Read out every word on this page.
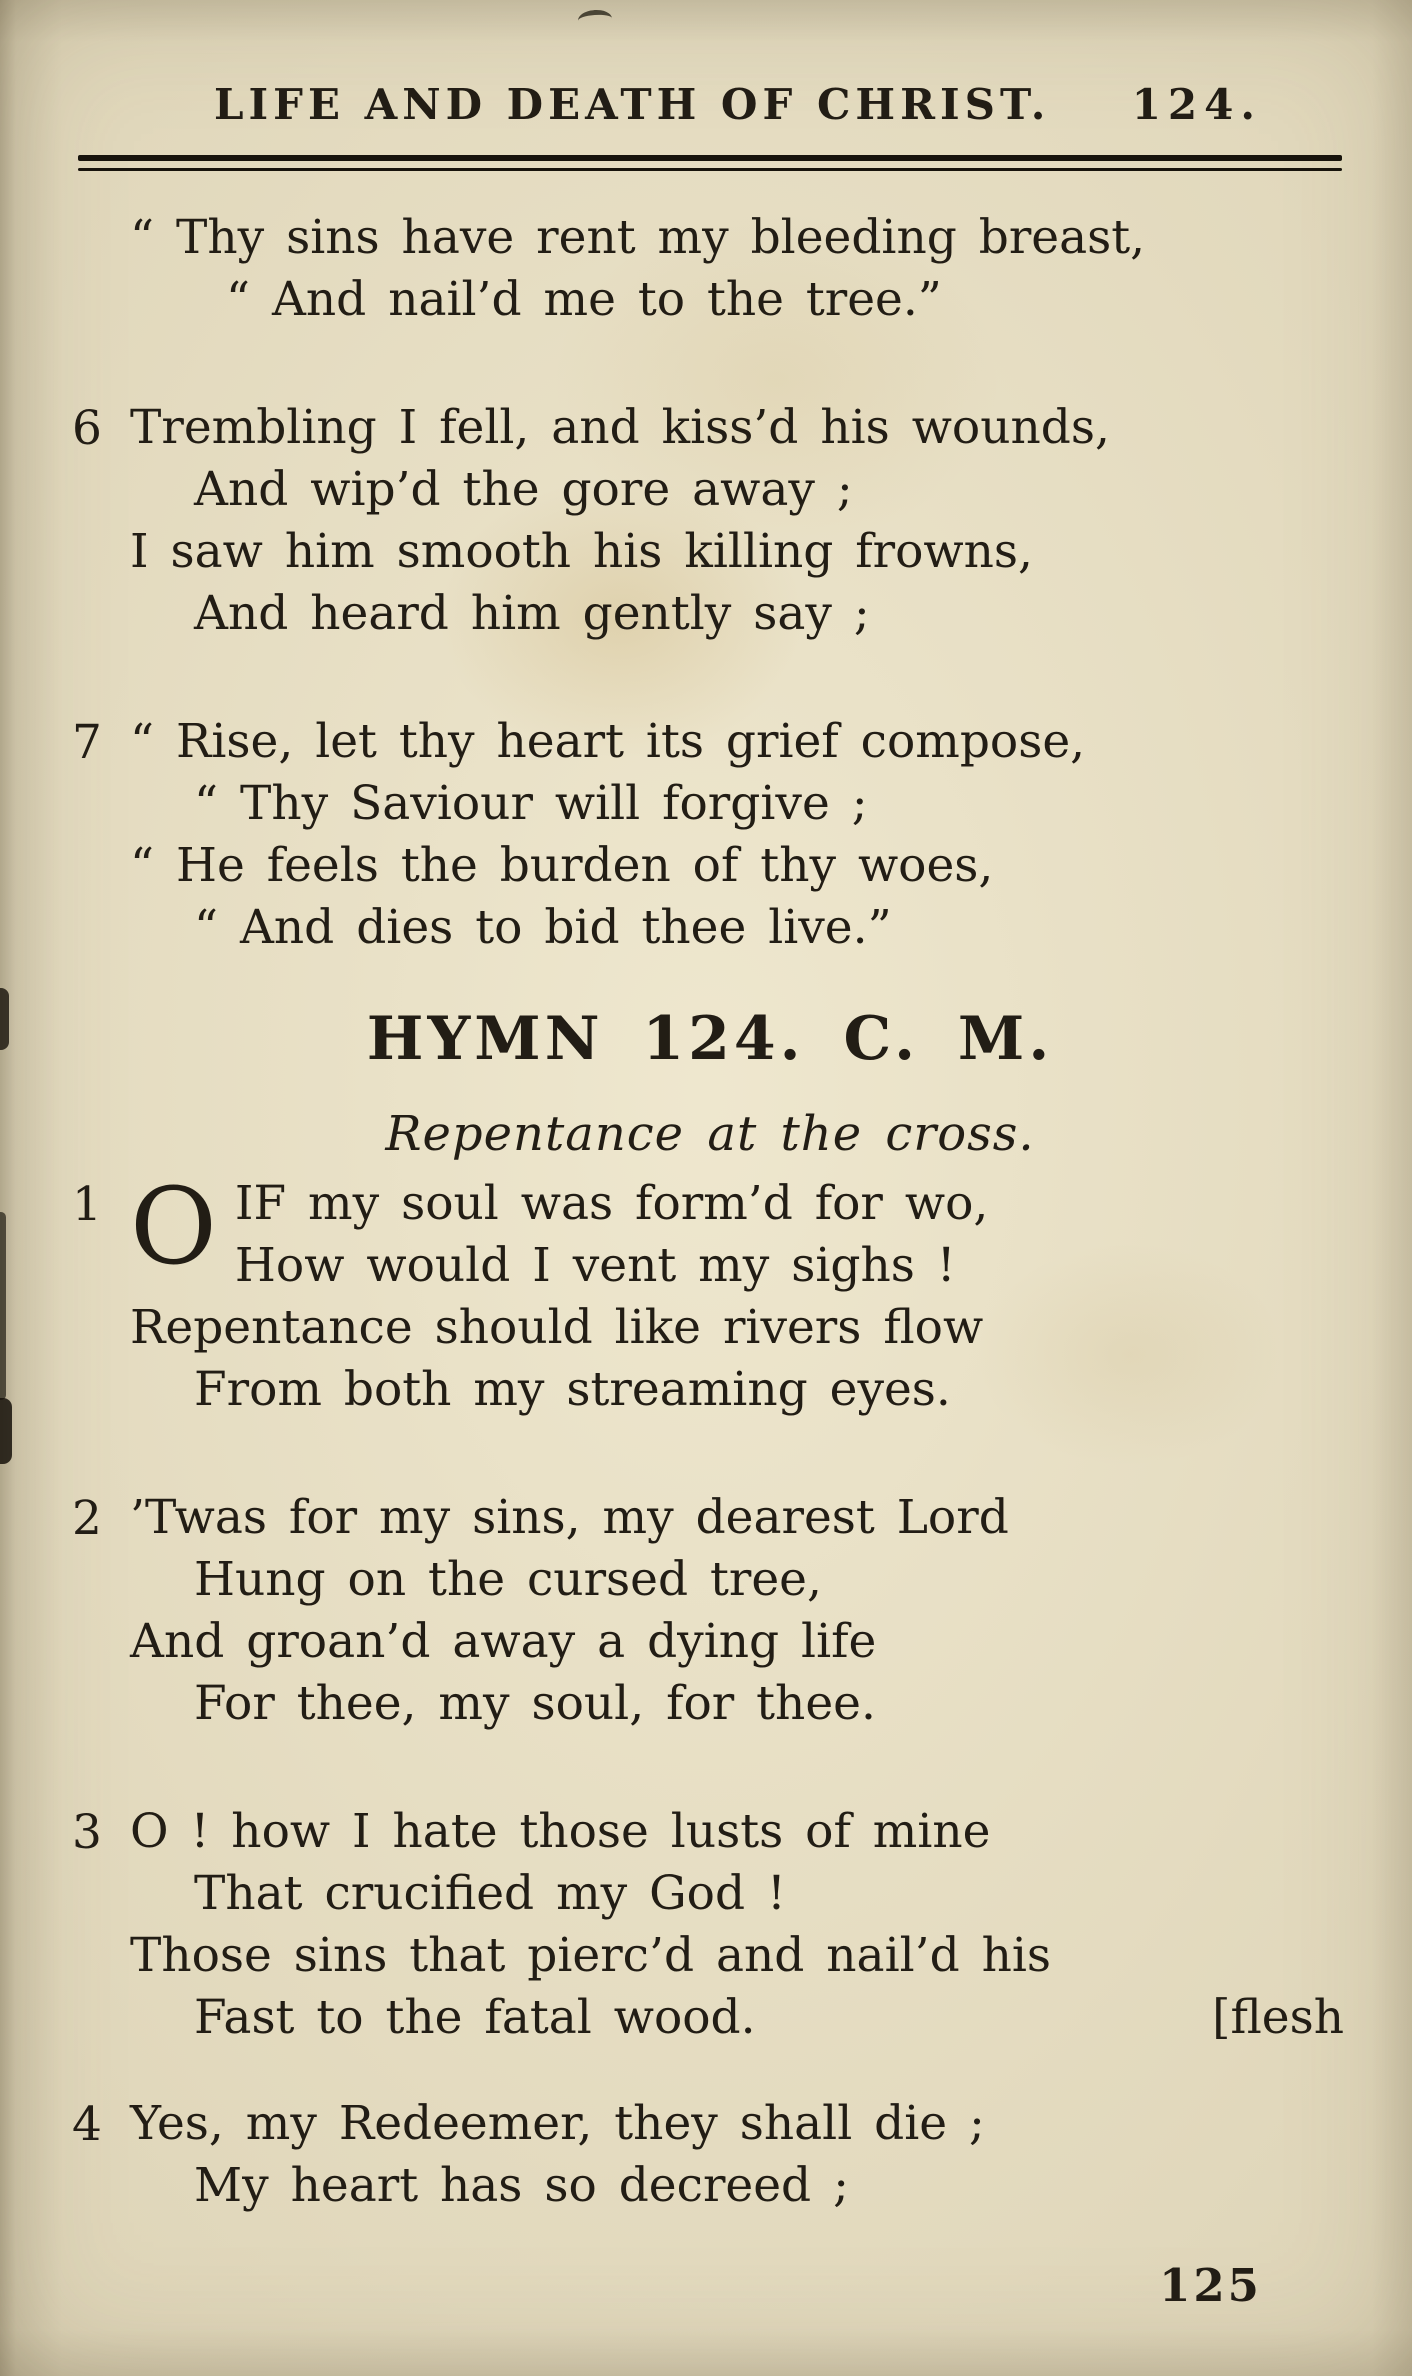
LIFE AND DEATH OF CHRIST. 124.
“ Thy sins have rent my bleeding breast,
“ And nail’d me to the tree.”
6 Trembling I fell, and kiss’d his wounds,
And wip’d the gore away ;
I saw him smooth his killing frowns,
And heard him gently say ;
7 “ Rise, let thy heart its grief compose,
“ Thy Saviour will forgive ;
“ He feels the burden of thy woes,
“ And dies to bid thee live.”
HYMN 124. C. M.
Repentance at the cross.
1 O IF my soul was form’d for wo,
How would I vent my sighs !
Repentance should like rivers flow
From both my streaming eyes.
2 ’Twas for my sins, my dearest Lord
Hung on the cursed tree,
And groan’d away a dying life
For thee, my soul, for thee.
3 O ! how I hate those lusts of mine
That crucified my God !
Those sins that pierc’d and nail’d his
Fast to the fatal wood.	[flesh
4 Yes, my Redeemer, they shall die ;
My heart has so decreed ;
125
